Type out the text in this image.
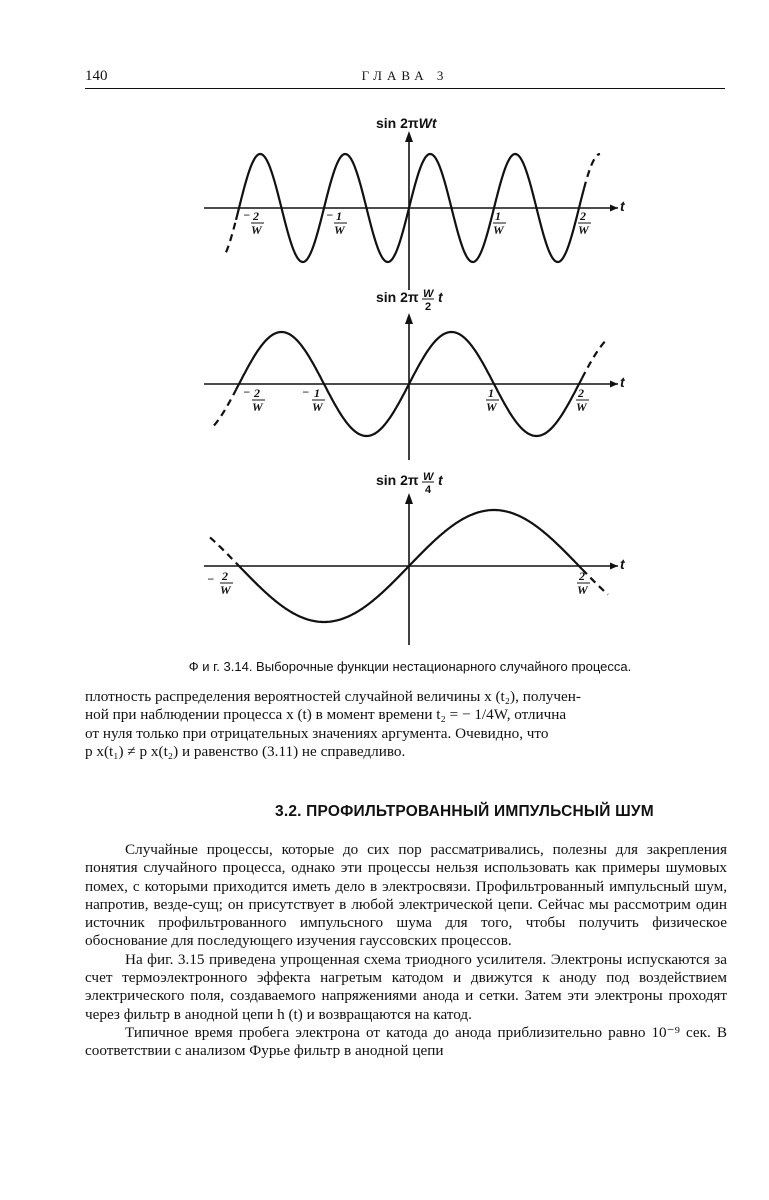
140	ГЛАВА 3
sin 2πWt
t
− 2
W
− 1
W
1
W
2
W
sin 2π W
2
t
t
− 2
W
− 1
W
1
W
2
W
sin 2π W
4
t
t
− 2
W
2
W
Ф и г. 3.14. Выборочные функции нестационарного случайного процесса.

плотность распределения вероятностей случайной величины x (t₂), получен-

ной при наблюдении процесса x (t) в момент времени t₂ = − 1/4W, отлична

от нуля только при отрицательных значениях аргумента. Очевидно, что

p x(t₁) ≠ p x(t₂) и равенство (3.11) не справедливо.

3.2. ПРОФИЛЬТРОВАННЫЙ ИМПУЛЬСНЫЙ ШУМ

Случайные процессы, которые до сих пор рассматривались, полезны для закрепления понятия случайного процесса, однако эти процессы нельзя использовать как примеры шумовых помех, с которыми приходится иметь дело в электросвязи. Профильтрованный импульсный шум, напротив, везде-сущ; он присутствует в любой электрической цепи. Сейчас мы рассмотрим один источник профильтрованного импульсного шума для того, чтобы получить физическое обоснование для последующего изучения гауссовских процессов.

На фиг. 3.15 приведена упрощенная схема триодного усилителя. Электроны испускаются за счет термоэлектронного эффекта нагретым катодом и движутся к аноду под воздействием электрического поля, создаваемого напряжениями анода и сетки. Затем эти электроны проходят через фильтр в анодной цепи h (t) и возвращаются на катод.

Типичное время пробега электрона от катода до анода приблизительно равно 10⁻⁹ сек. В соответствии с анализом Фурье фильтр в анодной цепи
